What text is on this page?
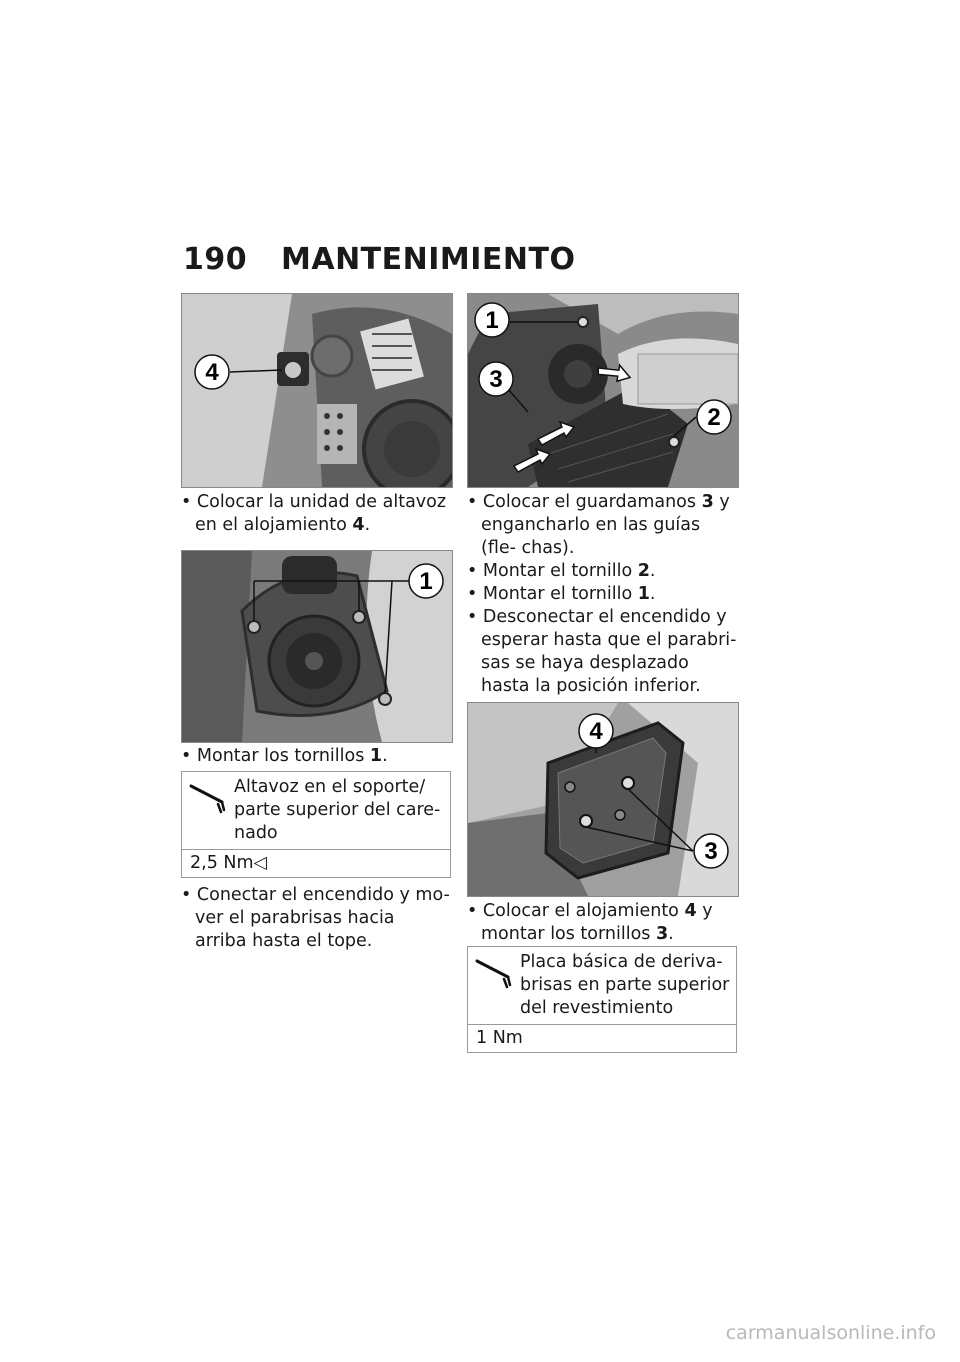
190 MANTENIMIENTO
4

• Colocar la unidad de altavoz en el alojamiento 4.

1

• Montar los tornillos 1.

Altavoz en el soporte/ parte superior del care- nado
2,5 Nm◁

• Conectar el encendido y mo- ver el parabrisas hacia arriba hasta el tope.

1
3
2

• Colocar el guardamanos 3 y engancharlo en las guías (fle- chas).

• Montar el tornillo 2.

• Montar el tornillo 1.

• Desconectar el encendido y esperar hasta que el parabri- sas se haya desplazado hasta la posición inferior.

4
3

• Colocar el alojamiento 4 y montar los tornillos 3.

Placa básica de deriva- brisas en parte superior del revestimiento
1 Nm
carmanualsonline.info
